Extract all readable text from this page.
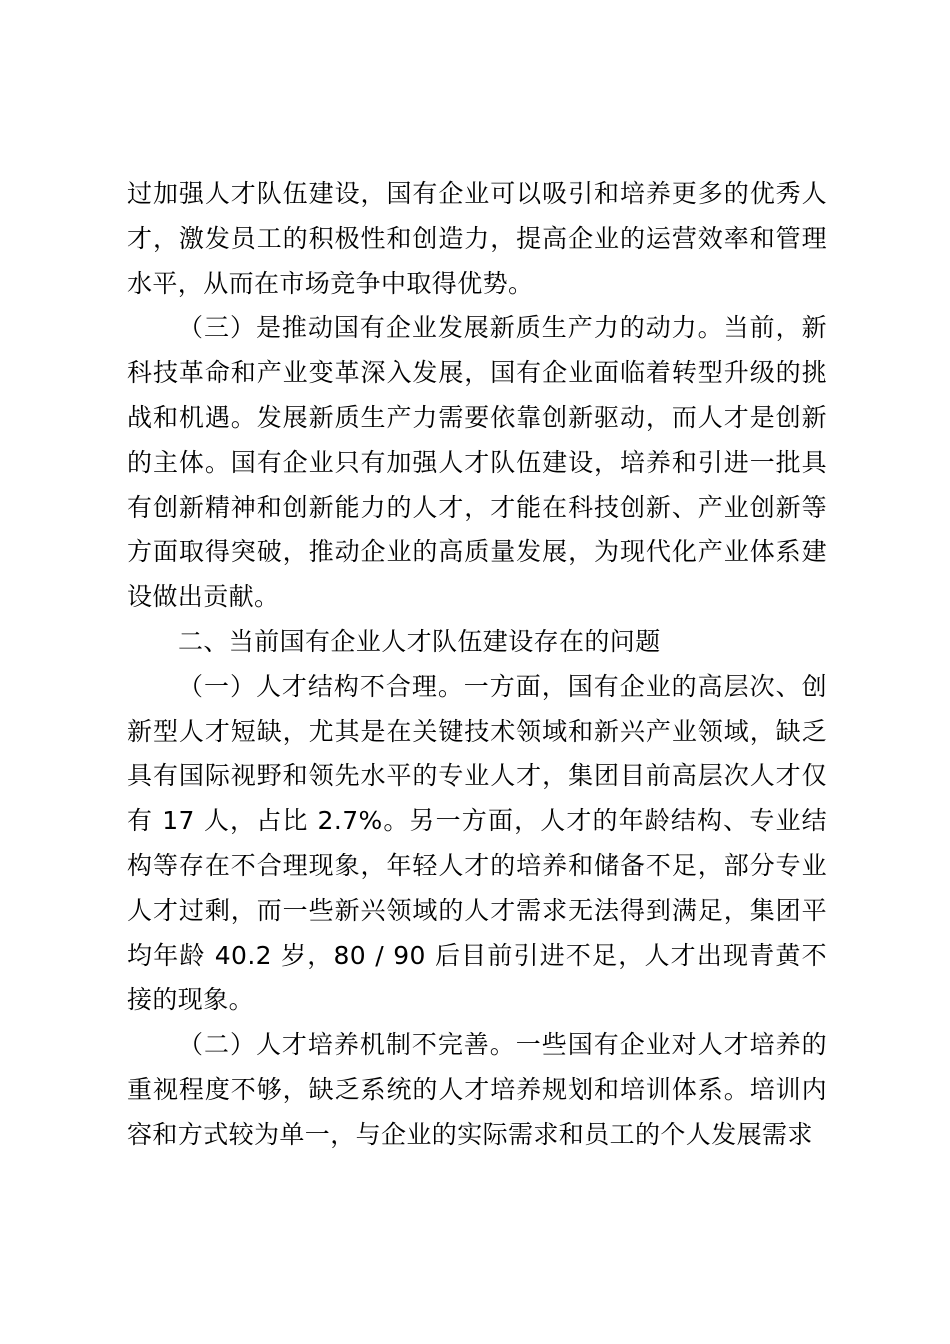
过加强人才队伍建设，国有企业可以吸引和培养更多的优秀人才，激发员工的积极性和创造力，提高企业的运营效率和管理水平，从而在市场竞争中取得优势。

（三）是推动国有企业发展新质生产力的动力。当前，新科技革命和产业变革深入发展，国有企业面临着转型升级的挑战和机遇。发展新质生产力需要依靠创新驱动，而人才是创新的主体。国有企业只有加强人才队伍建设，培养和引进一批具有创新精神和创新能力的人才，才能在科技创新、产业创新等方面取得突破，推动企业的高质量发展，为现代化产业体系建设做出贡献。

二、当前国有企业人才队伍建设存在的问题

（一）人才结构不合理。一方面，国有企业的高层次、创新型人才短缺，尤其是在关键技术领域和新兴产业领域，缺乏具有国际视野和领先水平的专业人才，集团目前高层次人才仅有 17 人，占比 2.7%。另一方面，人才的年龄结构、专业结构等存在不合理现象，年轻人才的培养和储备不足，部分专业人才过剩，而一些新兴领域的人才需求无法得到满足，集团平均年龄 40.2 岁，80 / 90 后目前引进不足，人才出现青黄不接的现象。

（二）人才培养机制不完善。一些国有企业对人才培养的重视程度不够，缺乏系统的人才培养规划和培训体系。培训内容和方式较为单一，与企业的实际需求和员工的个人发展需求
